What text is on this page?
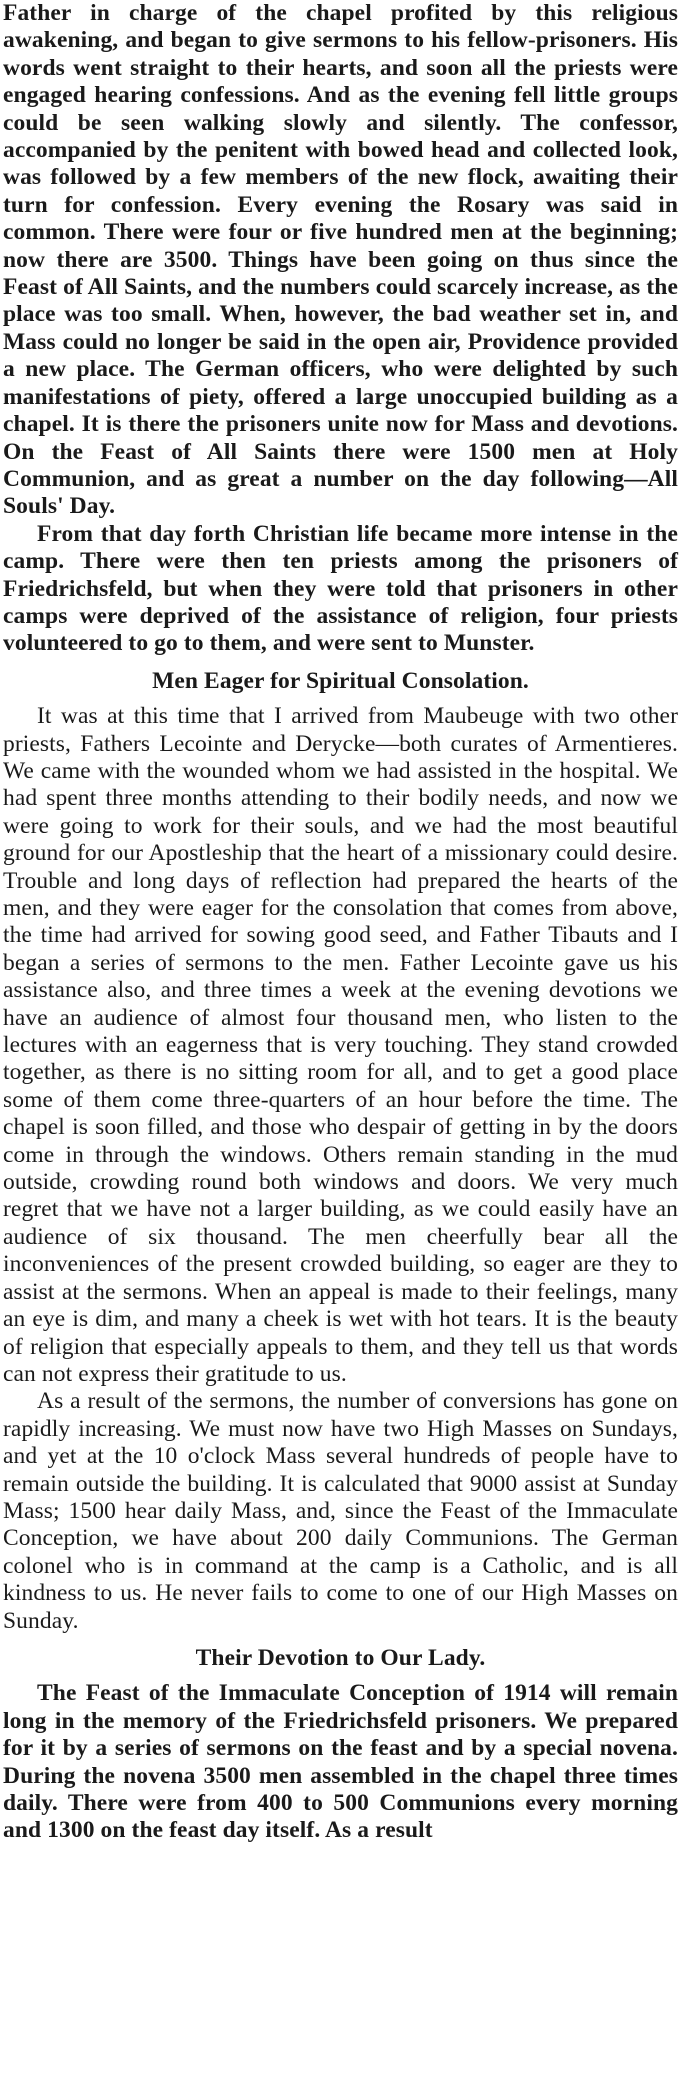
Father in charge of the chapel profited by this religious awakening, and began to give sermons to his fellow-prisoners. His words went straight to their hearts, and soon all the priests were engaged hearing confessions. And as the evening fell little groups could be seen walking slowly and silently. The confessor, accompanied by the penitent with bowed head and collected look, was followed by a few members of the new flock, awaiting their turn for confession. Every evening the Rosary was said in common. There were four or five hundred men at the beginning; now there are 3500. Things have been going on thus since the Feast of All Saints, and the numbers could scarcely increase, as the place was too small. When, however, the bad weather set in, and Mass could no longer be said in the open air, Providence provided a new place. The German officers, who were delighted by such manifestations of piety, offered a large unoccupied building as a chapel. It is there the prisoners unite now for Mass and devotions. On the Feast of All Saints there were 1500 men at Holy Communion, and as great a number on the day following—All Souls' Day.

From that day forth Christian life became more intense in the camp. There were then ten priests among the prisoners of Friedrichsfeld, but when they were told that prisoners in other camps were deprived of the assistance of religion, four priests volunteered to go to them, and were sent to Munster.

Men Eager for Spiritual Consolation.

It was at this time that I arrived from Maubeuge with two other priests, Fathers Lecointe and Derycke—both curates of Armentieres. We came with the wounded whom we had assisted in the hospital. We had spent three months attending to their bodily needs, and now we were going to work for their souls, and we had the most beautiful ground for our Apostleship that the heart of a missionary could desire. Trouble and long days of reflection had prepared the hearts of the men, and they were eager for the consolation that comes from above, the time had arrived for sowing good seed, and Father Tibauts and I began a series of sermons to the men. Father Lecointe gave us his assistance also, and three times a week at the evening devotions we have an audience of almost four thousand men, who listen to the lectures with an eagerness that is very touching. They stand crowded together, as there is no sitting room for all, and to get a good place some of them come three-quarters of an hour before the time. The chapel is soon filled, and those who despair of getting in by the doors come in through the windows. Others remain standing in the mud outside, crowding round both windows and doors. We very much regret that we have not a larger building, as we could easily have an audience of six thousand. The men cheerfully bear all the inconveniences of the present crowded building, so eager are they to assist at the sermons. When an appeal is made to their feelings, many an eye is dim, and many a cheek is wet with hot tears. It is the beauty of religion that especially appeals to them, and they tell us that words can not express their gratitude to us.

As a result of the sermons, the number of conversions has gone on rapidly increasing. We must now have two High Masses on Sundays, and yet at the 10 o'clock Mass several hundreds of people have to remain outside the building. It is calculated that 9000 assist at Sunday Mass; 1500 hear daily Mass, and, since the Feast of the Immaculate Conception, we have about 200 daily Communions. The German colonel who is in command at the camp is a Catholic, and is all kindness to us. He never fails to come to one of our High Masses on Sunday.

Their Devotion to Our Lady.

The Feast of the Immaculate Conception of 1914 will remain long in the memory of the Friedrichsfeld prisoners. We prepared for it by a series of sermons on the feast and by a special novena. During the novena 3500 men assembled in the chapel three times daily. There were from 400 to 500 Communions every morning and 1300 on the feast day itself. As a result
